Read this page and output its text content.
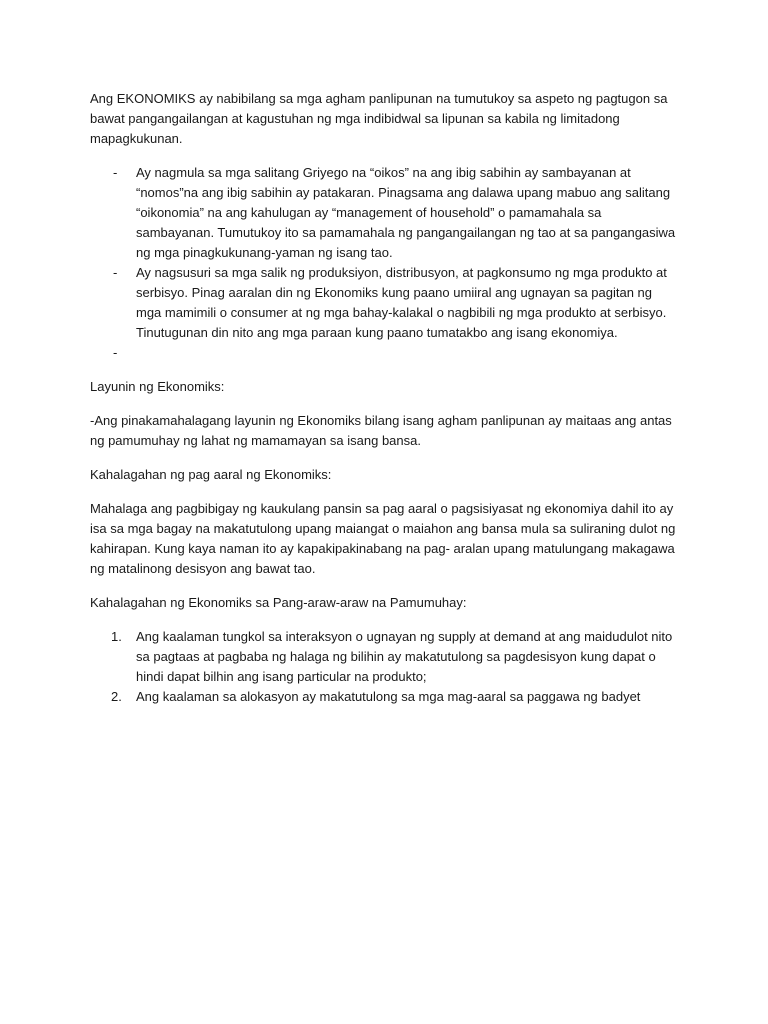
Ang EKONOMIKS ay nabibilang sa mga agham panlipunan na tumutukoy sa aspeto ng pagtugon sa bawat pangangailangan at kagustuhan ng mga indibidwal sa lipunan sa kabila ng limitadong mapagkukunan.

- Ay nagmula sa mga salitang Griyego na “oikos” na ang ibig sabihin ay sambayanan at “nomos”na ang ibig sabihin ay patakaran. Pinagsama ang dalawa upang mabuo ang salitang “oikonomia” na ang kahulugan ay “management of household” o pamamahala sa sambayanan. Tumutukoy ito sa pamamahala ng pangangailangan ng tao at sa pangangasiwa ng mga pinagkukunang-yaman ng isang tao.
- Ay nagsusuri sa mga salik ng produksiyon, distribusyon, at pagkonsumo ng mga produkto at serbisyo. Pinag aaralan din ng Ekonomiks kung paano umiiral ang ugnayan sa pagitan ng mga mamimili o consumer at ng mga bahay-kalakal o nagbibili ng mga produkto at serbisyo. Tinutugunan din nito ang mga paraan kung paano tumatakbo ang isang ekonomiya.
-

Layunin ng Ekonomiks:

-Ang pinakamahalagang layunin ng Ekonomiks bilang isang agham panlipunan ay maitaas ang antas ng pamumuhay ng lahat ng mamamayan sa isang bansa.

Kahalagahan ng pag aaral ng Ekonomiks:

Mahalaga ang pagbibigay ng kaukulang pansin sa pag aaral o pagsisiyasat ng ekonomiya dahil ito ay isa sa mga bagay na makatutulong upang maiangat o maiahon ang bansa mula sa suliraning dulot ng kahirapan. Kung kaya naman ito ay kapakipakinabang na pag- aralan upang matulungang makagawa ng matalinong desisyon ang bawat tao.

Kahalagahan ng Ekonomiks sa Pang-araw-araw na Pamumuhay:

1. Ang kaalaman tungkol sa interaksyon o ugnayan ng supply at demand at ang maidudulot nito sa pagtaas at pagbaba ng halaga ng bilihin ay makatutulong sa pagdesisyon kung dapat o hindi dapat bilhin ang isang particular na produkto;
2. Ang kaalaman sa alokasyon ay makatutulong sa mga mag-aaral sa paggawa ng badyet
